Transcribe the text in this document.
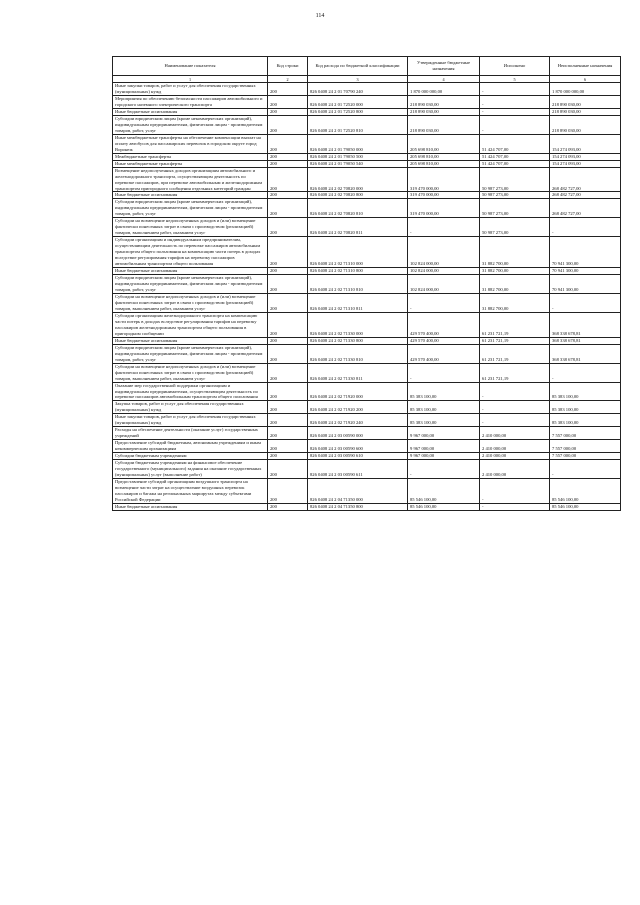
114
Наименование показателя	Код строки	Код расхода по бюджетной классификации	Утвержденные бюджетные назначения	Исполнено	Неисполненные назначения
1	2	3	4	5	6
Иные закупки товаров, работ и услуг для обеспечения государственных (муниципальных) нужд	200	826 0408 24 2 01 70790 240	1 870 000 000,00	-	1 870 000 000,00
Мероприятия по обеспечению безопасности пассажиров автомобильного и городского наземного электрического транспорта	200	826 0408 24 2 01 72520 000	218 890 030,00	-	218 890 030,00
Иные бюджетные ассигнования	200	826 0408 24 2 01 72520 800	218 890 030,00	-	218 890 030,00
Субсидии юридическим лицам (кроме некоммерческих организаций), индивидуальным предпринимателям, физическим лицам - производителям товаров, работ, услуг	200	826 0408 24 2 01 72520 810	218 890 030,00	-	218 890 030,00
Иные межбюджетные трансферты на обеспечение компенсации выплат на оплату автобусов для пассажирских перевозок в городском округе город Воронеж	200	826 0408 24 2 01 79050 000	205 698 810,00	51 424 707,00	154 274 093,00
Межбюджетные трансферты	200	826 0408 24 2 01 79050 500	205 698 810,00	51 424 707,00	154 274 093,00
Иные межбюджетные трансферты	200	826 0408 24 2 01 79050 540	205 698 810,00	51 424 707,00	154 274 093,00
Возмещение недополученных доходов организациям автомобильного и железнодорожного транспорта, осуществляющим деятельность по перевозке пассажиров, при перевозке автомобильным и железнодорожным транспортом пригородного сообщения отдельных категорий граждан	200	826 0408 24 2 02 70820 000	319 470 000,00	50 987 273,00	268 482 727,00
Иные бюджетные ассигнования	200	826 0408 24 2 02 70820 800	319 470 000,00	50 987 273,00	268 482 727,00
Субсидии юридическим лицам (кроме некоммерческих организаций), индивидуальным предпринимателям, физическим лицам - производителям товаров, работ, услуг	200	826 0408 24 2 02 70820 810	319 470 000,00	50 987 273,00	268 482 727,00
Субсидии на возмещение недополученных доходов и (или) возмещение фактически понесенных затрат в связи с производством (реализацией) товаров, выполнением работ, оказанием услуг	200	826 0408 24 2 02 70820 811	-	50 987 273,00	-
Субсидии организациям и индивидуальным предпринимателям, осуществляющим деятельность по перевозке пассажиров автомобильным транспортом общего пользования на компенсацию части потерь в доходах вследствие регулирования тарифов на перевозку пассажиров автомобильным транспортом общего пользования	200	826 0408 24 2 02 71310 000	102 824 000,00	31 882 700,00	70 941 300,00
Иные бюджетные ассигнования	200	826 0408 24 2 02 71310 800	102 824 000,00	31 882 700,00	70 941 300,00
Субсидии юридическим лицам (кроме некоммерческих организаций), индивидуальным предпринимателям, физическим лицам - производителям товаров, работ, услуг	200	826 0408 24 2 02 71310 810	102 824 000,00	31 882 700,00	70 941 300,00
Субсидии на возмещение недополученных доходов и (или) возмещение фактически понесенных затрат в связи с производством (реализацией) товаров, выполнением работ, оказанием услуг	200	826 0408 24 2 02 71310 811	-	31 882 700,00	-
Субсидии организациям железнодорожного транспорта на компенсацию части потерь в доходах вследствие регулирования тарифов на перевозку пассажиров железнодорожным транспортом общего пользования в пригородном сообщении	200	826 0408 24 2 02 71330 000	429 570 400,00	61 231 721,19	368 338 678,81
Иные бюджетные ассигнования	200	826 0408 24 2 02 71330 800	429 570 400,00	61 231 721,19	368 338 678,81
Субсидии юридическим лицам (кроме некоммерческих организаций), индивидуальным предпринимателям, физическим лицам - производителям товаров, работ, услуг	200	826 0408 24 2 02 71330 810	429 570 400,00	61 231 721,19	368 338 678,81
Субсидии на возмещение недополученных доходов и (или) возмещение фактически понесенных затрат в связи с производством (реализацией) товаров, выполнением работ, оказанием услуг	200	826 0408 24 2 02 71330 811	-	61 231 721,19	-
Оказание мер государственной поддержки организациям и индивидуальным предпринимателям, осуществляющим деятельность по перевозке пассажиров автомобильным транспортом общего пользования	200	826 0408 24 2 02 71920 000	85 383 100,00	-	85 383 100,00
Закупка товаров, работ и услуг для обеспечения государственных (муниципальных) нужд	200	826 0408 24 2 02 71920 200	85 383 100,00	-	85 383 100,00
Иные закупки товаров, работ и услуг для обеспечения государственных (муниципальных) нужд	200	826 0408 24 2 02 71920 240	85 383 100,00	-	85 383 100,00
Расходы на обеспечение деятельности (оказание услуг) государственных учреждений	200	826 0408 24 2 03 00590 000	9 967 000,00	2 410 000,00	7 557 000,00
Предоставление субсидий бюджетным, автономным учреждениям и иным некоммерческим организациям	200	826 0408 24 2 03 00590 600	9 967 000,00	2 410 000,00	7 557 000,00
Субсидии бюджетным учреждениям	200	826 0408 24 2 03 00590 610	9 967 000,00	2 410 000,00	7 557 000,00
Субсидии бюджетным учреждениям на финансовое обеспечение государственного (муниципального) задания на оказание государственных (муниципальных) услуг (выполнение работ)	200	826 0408 24 2 03 00590 611	-	2 410 000,00	-
Предоставление субсидий организациям воздушного транспорта на возмещение части затрат на осуществление воздушных перевозок пассажиров и багажа на региональных маршрутах между субъектами Российской Федерации	200	826 0408 24 2 04 71350 000	85 546 100,00	-	85 546 100,00
Иные бюджетные ассигнования	200	826 0408 24 2 04 71350 800	85 546 100,00	-	85 546 100,00
